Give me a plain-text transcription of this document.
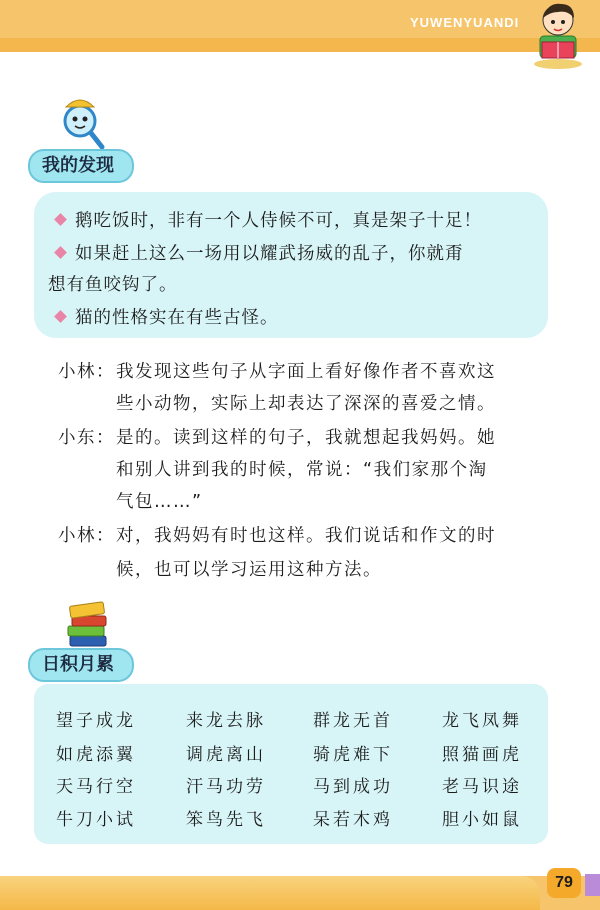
YUWENYUANDI
我的发现
鹅吃饭时，非有一个人侍候不可，真是架子十足！
如果赶上这么一场用以耀武扬威的乱子，你就甭
想有鱼咬钩了。
猫的性格实在有些古怪。
小林： 我发现这些句子从字面上看好像作者不喜欢这
些小动物，实际上却表达了深深的喜爱之情。
小东： 是的。读到这样的句子，我就想起我妈妈。她
和别人讲到我的时候，常说：“我们家那个淘
气包……”
小林： 对，我妈妈有时也这样。我们说话和作文的时
候，也可以学习运用这种方法。
日积月累
望子成龙	来龙去脉	群龙无首	龙飞凤舞
如虎添翼	调虎离山	骑虎难下	照猫画虎
天马行空	汗马功劳	马到成功	老马识途
牛刀小试	笨鸟先飞	呆若木鸡	胆小如鼠
79
